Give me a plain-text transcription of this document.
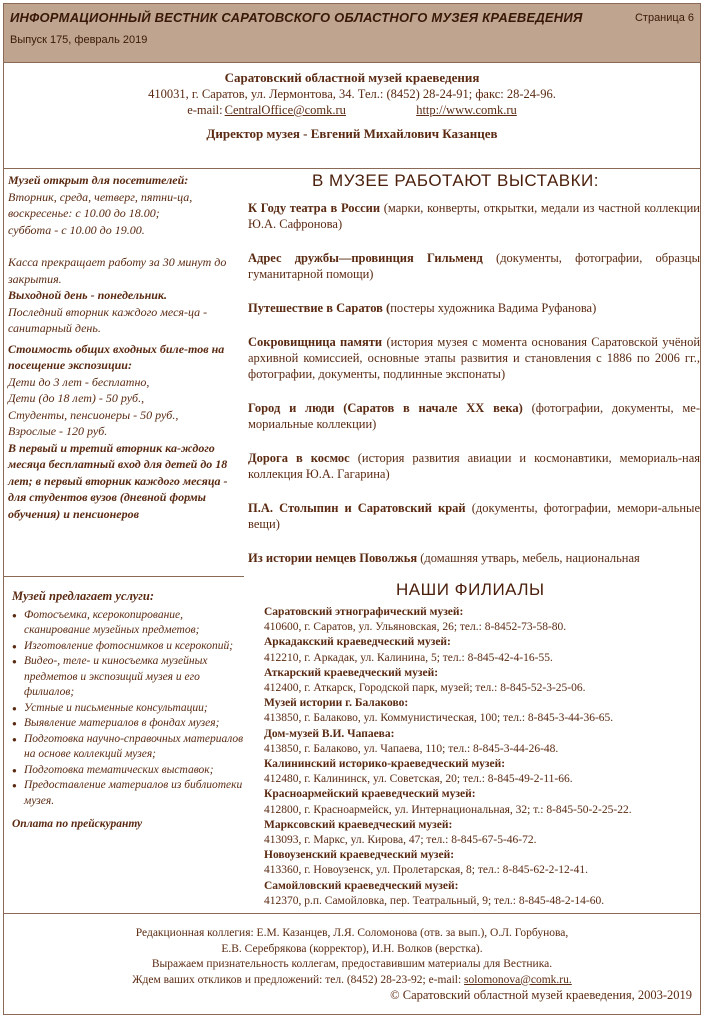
ИНФОРМАЦИОННЫЙ ВЕСТНИК САРАТОВСКОГО ОБЛАСТНОГО МУЗЕЯ КРАЕВЕДЕНИЯ
Выпуск 175, февраль 2019
Страница 6
Саратовский областной музей краеведения
410031, г. Саратов, ул. Лермонтова, 34. Тел.: (8452) 28-24-91; факс: 28-24-96.
e-mail: CentralOffice@comk.ru	http://www.comk.ru
Директор музея - Евгений Михайлович Казанцев

Музей открыт для посетителей:

Вторник, среда, четверг, пятни-ца, воскресенье: с 10.00 до 18.00;

суббота - с 10.00 до 19.00.

Касса прекращает работу за 30 минут до закрытия.

Выходной день - понедельник.

Последний вторник каждого меся-ца - санитарный день.

Стоимость общих входных биле-тов на посещение экспозиции:

Дети до 3 лет - бесплатно,

Дети (до 18 лет) - 50 руб.,

Студенты, пенсионеры - 50 руб.,

Взрослые - 120 руб.

В первый и третий вторник ка-ждого месяца бесплатный вход для детей до 18 лет; в первый вторник каждого месяца - для студентов вузов (дневной формы обучения) и пенсионеров

Музей предлагает услуги:
● Фотосъемка, ксерокопирование, сканирование музейных предметов;
● Изготовление фотоснимков и ксерокопий;
● Видео-, теле- и киносъемка музейных предметов и экспозиций музея и его филиалов;
● Устные и письменные консультации;
● Выявление материалов в фондах музея;
● Подготовка научно-справочных материалов на основе коллекций музея;
● Подготовка тематических выставок;
● Предоставление материалов из библиотеки музея.
Оплата по прейскуранту
В МУЗЕЕ РАБОТАЮТ ВЫСТАВКИ:

К Году театра в России (марки, конверты, открытки, медали из частной коллекции Ю.А. Сафронова)

Адрес дружбы—провинция Гильменд (документы, фотографии, образцы гуманитарной помощи)

Путешествие в Саратов (постеры художника Вадима Руфанова)

Сокровищница памяти (история музея с момента основания Саратовской учёной архивной комиссией, основные этапы развития и становления с 1886 по 2006 гг., фотографии, документы, подлинные экспонаты)

Город и люди (Саратов в начале XX века) (фотографии, документы, ме-мориальные коллекции)

Дорога в космос (история развития авиации и космонавтики, мемориаль-ная коллекция Ю.А. Гагарина)

П.А. Столыпин и Саратовский край (документы, фотографии, мемори-альные вещи)

Из истории немцев Поволжья (домашняя утварь, мебель, национальная

НАШИ ФИЛИАЛЫ
Саратовский этнографический музей:
410600, г. Саратов, ул. Ульяновская, 26; тел.: 8-8452-73-58-80.
Аркадакский краеведческий музей:
412210, г. Аркадак, ул. Калинина, 5; тел.: 8-845-42-4-16-55.
Аткарский краеведческий музей:
412400, г. Аткарск, Городской парк, музей; тел.: 8-845-52-3-25-06.
Музей истории г. Балаково:
413850, г. Балаково, ул. Коммунистическая, 100; тел.: 8-845-3-44-36-65.
Дом-музей В.И. Чапаева:
413850, г. Балаково, ул. Чапаева, 110; тел.: 8-845-3-44-26-48.
Калининский историко-краеведческий музей:
412480, г. Калининск, ул. Советская, 20; тел.: 8-845-49-2-11-66.
Красноармейский краеведческий музей:
412800, г. Красноармейск, ул. Интернациональная, 32; т.: 8-845-50-2-25-22.
Марксовский краеведческий музей:
413093, г. Маркс, ул. Кирова, 47; тел.: 8-845-67-5-46-72.
Новоузенский краеведческий музей:
413360, г. Новоузенск, ул. Пролетарская, 8; тел.: 8-845-62-2-12-41.
Самойловский краеведческий музей:
412370, р.п. Самойловка, пер. Театральный, 9; тел.: 8-845-48-2-14-60.
Редакционная коллегия: Е.М. Казанцев, Л.Я. Соломонова (отв. за вып.), О.Л. Горбунова,
Е.В. Серебрякова (корректор), И.Н. Волков (верстка).
Выражаем признательность коллегам, предоставившим материалы для Вестника.
Ждем ваших откликов и предложений: тел. (8452) 28-23-92; e-mail: solomonova@comk.ru.
© Саратовский областной музей краеведения, 2003-2019
